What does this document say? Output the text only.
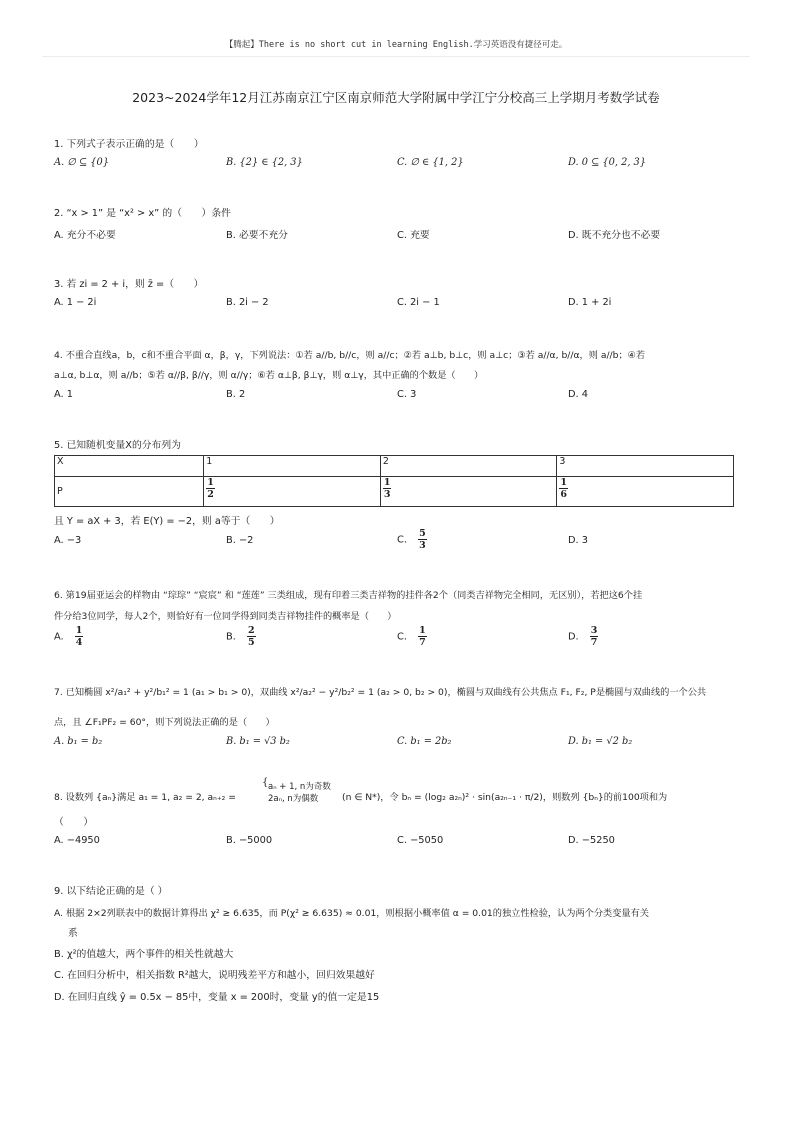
【腾起】There is no short cut in learning English.学习英语没有捷径可走。
2023~2024学年12月江苏南京江宁区南京师范大学附属中学江宁分校高三上学期月考数学试卷
1. 下列式子表示正确的是（　　）
A. ∅ ⊆ {0}	B. {2} ∈ {2, 3}	C. ∅ ∈ {1, 2}	D. 0 ⊆ {0, 2, 3}
2. “x > 1” 是 “x² > x” 的（　　）条件
A. 充分不必要	B. 必要不充分	C. 充要	D. 既不充分也不必要
3. 若 zi = 2 + i，则 z̄ =（　　）
A. 1 − 2i	B. 2i − 2	C. 2i − 1	D. 1 + 2i
4. 不重合直线a，b，c和不重合平面 α，β，γ，下列说法：①若 a//b, b//c，则 a//c；②若 a⊥b, b⊥c，则 a⊥c；③若 a//α, b//α，则 a//b；④若
a⊥α, b⊥α，则 a//b；⑤若 α//β, β//γ，则 α//γ；⑥若 α⊥β, β⊥γ，则 α⊥γ，其中正确的个数是（　　）
A. 1	B. 2	C. 3	D. 4
5. 已知随机变量X的分布列为
X	1	2	3
P	$\frac{1}{2}$	$\frac{1}{3}$	$\frac{1}{6}$
且 Y = aX + 3，若 E(Y) = −2，则 a等于（　　）
A. −3	B. −2	C. $\frac{5}{3}$	D. 3
6. 第19届亚运会的样物由 “琮琮” “宸宸” 和 “莲莲” 三类组成，现有印着三类吉祥物的挂件各2个（同类吉祥物完全相同，无区别），若把这6个挂
件分给3位同学，每人2个，则恰好有一位同学得到同类吉祥物挂件的概率是（　　）
A. $\frac{1}{4}$	B. $\frac{2}{5}$	C. $\frac{1}{7}$	D. $\frac{3}{7}$
7. 已知椭圆 x²/a₁² + y²/b₁² = 1 (a₁ > b₁ > 0)，双曲线 x²/a₂² − y²/b₂² = 1 (a₂ > 0, b₂ > 0)，椭圆与双曲线有公共焦点 F₁, F₂, P是椭圆与双曲线的一个公共
点，且 ∠F₁PF₂ = 60°，则下列说法正确的是（　　）
A. b₁ = b₂	B. b₁ = √3 b₂	C. b₁ = 2b₂	D. b₁ = √2 b₂
8. 设数列 {aₙ}满足 a₁ = 1, a₂ = 2, aₙ₊₂ =
{ aₙ + 1, n为奇数
2aₙ, n为偶数	(n ∈ N*)，令 bₙ = (log₂ a₂ₙ)² · sin(a₂ₙ₋₁ · π/2)，则数列 {bₙ}的前100项和为
（　　）
A. −4950	B. −5000	C. −5050	D. −5250
9. 以下结论正确的是（ ）
A. 根据 2×2列联表中的数据计算得出 χ² ≥ 6.635，而 P(χ² ≥ 6.635) ≈ 0.01，则根据小概率值 α = 0.01的独立性检验，认为两个分类变量有关
系
B. χ²的值越大，两个事件的相关性就越大
C. 在回归分析中，相关指数 R²越大，说明残差平方和越小，回归效果越好
D. 在回归直线 ŷ = 0.5x − 85中，变量 x = 200时，变量 y的值一定是15
